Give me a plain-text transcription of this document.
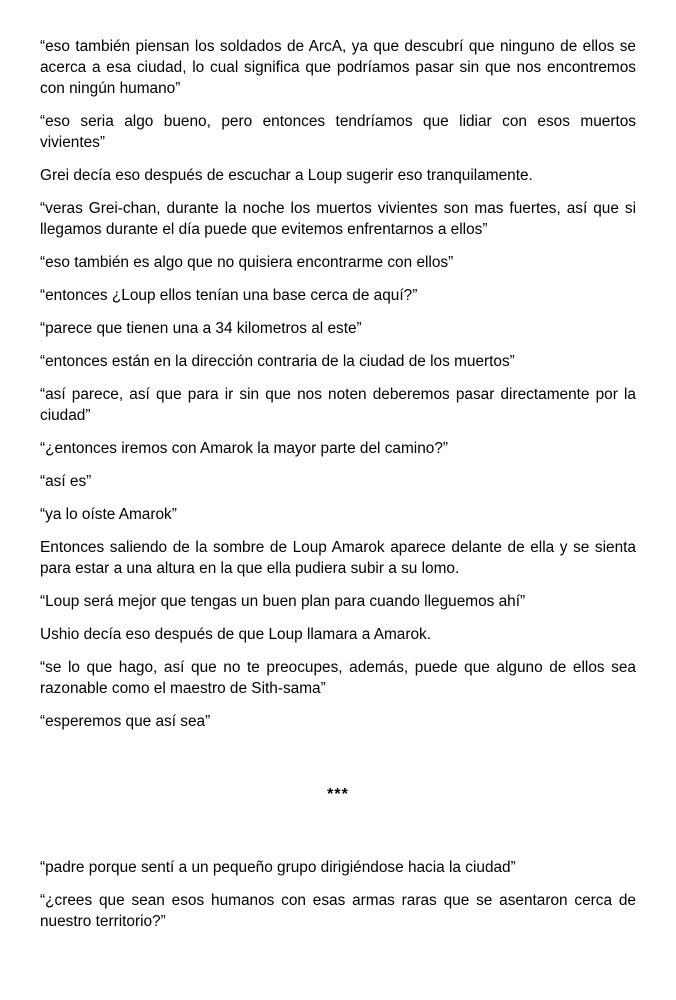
“eso también piensan los soldados de ArcA, ya que descubrí que ninguno de ellos se acerca a esa ciudad, lo cual significa que podríamos pasar sin que nos encontremos con ningún humano”

“eso seria algo bueno, pero entonces tendríamos que lidiar con esos muertos vivientes”

Grei decía eso después de escuchar a Loup sugerir eso tranquilamente.

“veras Grei-chan, durante la noche los muertos vivientes son mas fuertes, así que si llegamos durante el día puede que evitemos enfrentarnos a ellos”

“eso también es algo que no quisiera encontrarme con ellos”

“entonces ¿Loup ellos tenían una base cerca de aquí?”

“parece que tienen una a 34 kilometros al este”

“entonces están en la dirección contraria de la ciudad de los muertos”

“así parece, así que para ir sin que nos noten deberemos pasar directamente por la ciudad”

“¿entonces iremos con Amarok la mayor parte del camino?”

“así es”

“ya lo oíste Amarok”

Entonces saliendo de la sombre de Loup Amarok aparece delante de ella y se sienta para estar a una altura en la que ella pudiera subir a su lomo.

“Loup será mejor que tengas un buen plan para cuando lleguemos ahí”

Ushio decía eso después de que Loup llamara a Amarok.

“se lo que hago, así que no te preocupes, además, puede que alguno de ellos sea razonable como el maestro de Sith-sama”

“esperemos que así sea”

***

“padre porque sentí a un pequeño grupo dirigiéndose hacia la ciudad”

“¿crees que sean esos humanos con esas armas raras que se asentaron cerca de nuestro territorio?”
